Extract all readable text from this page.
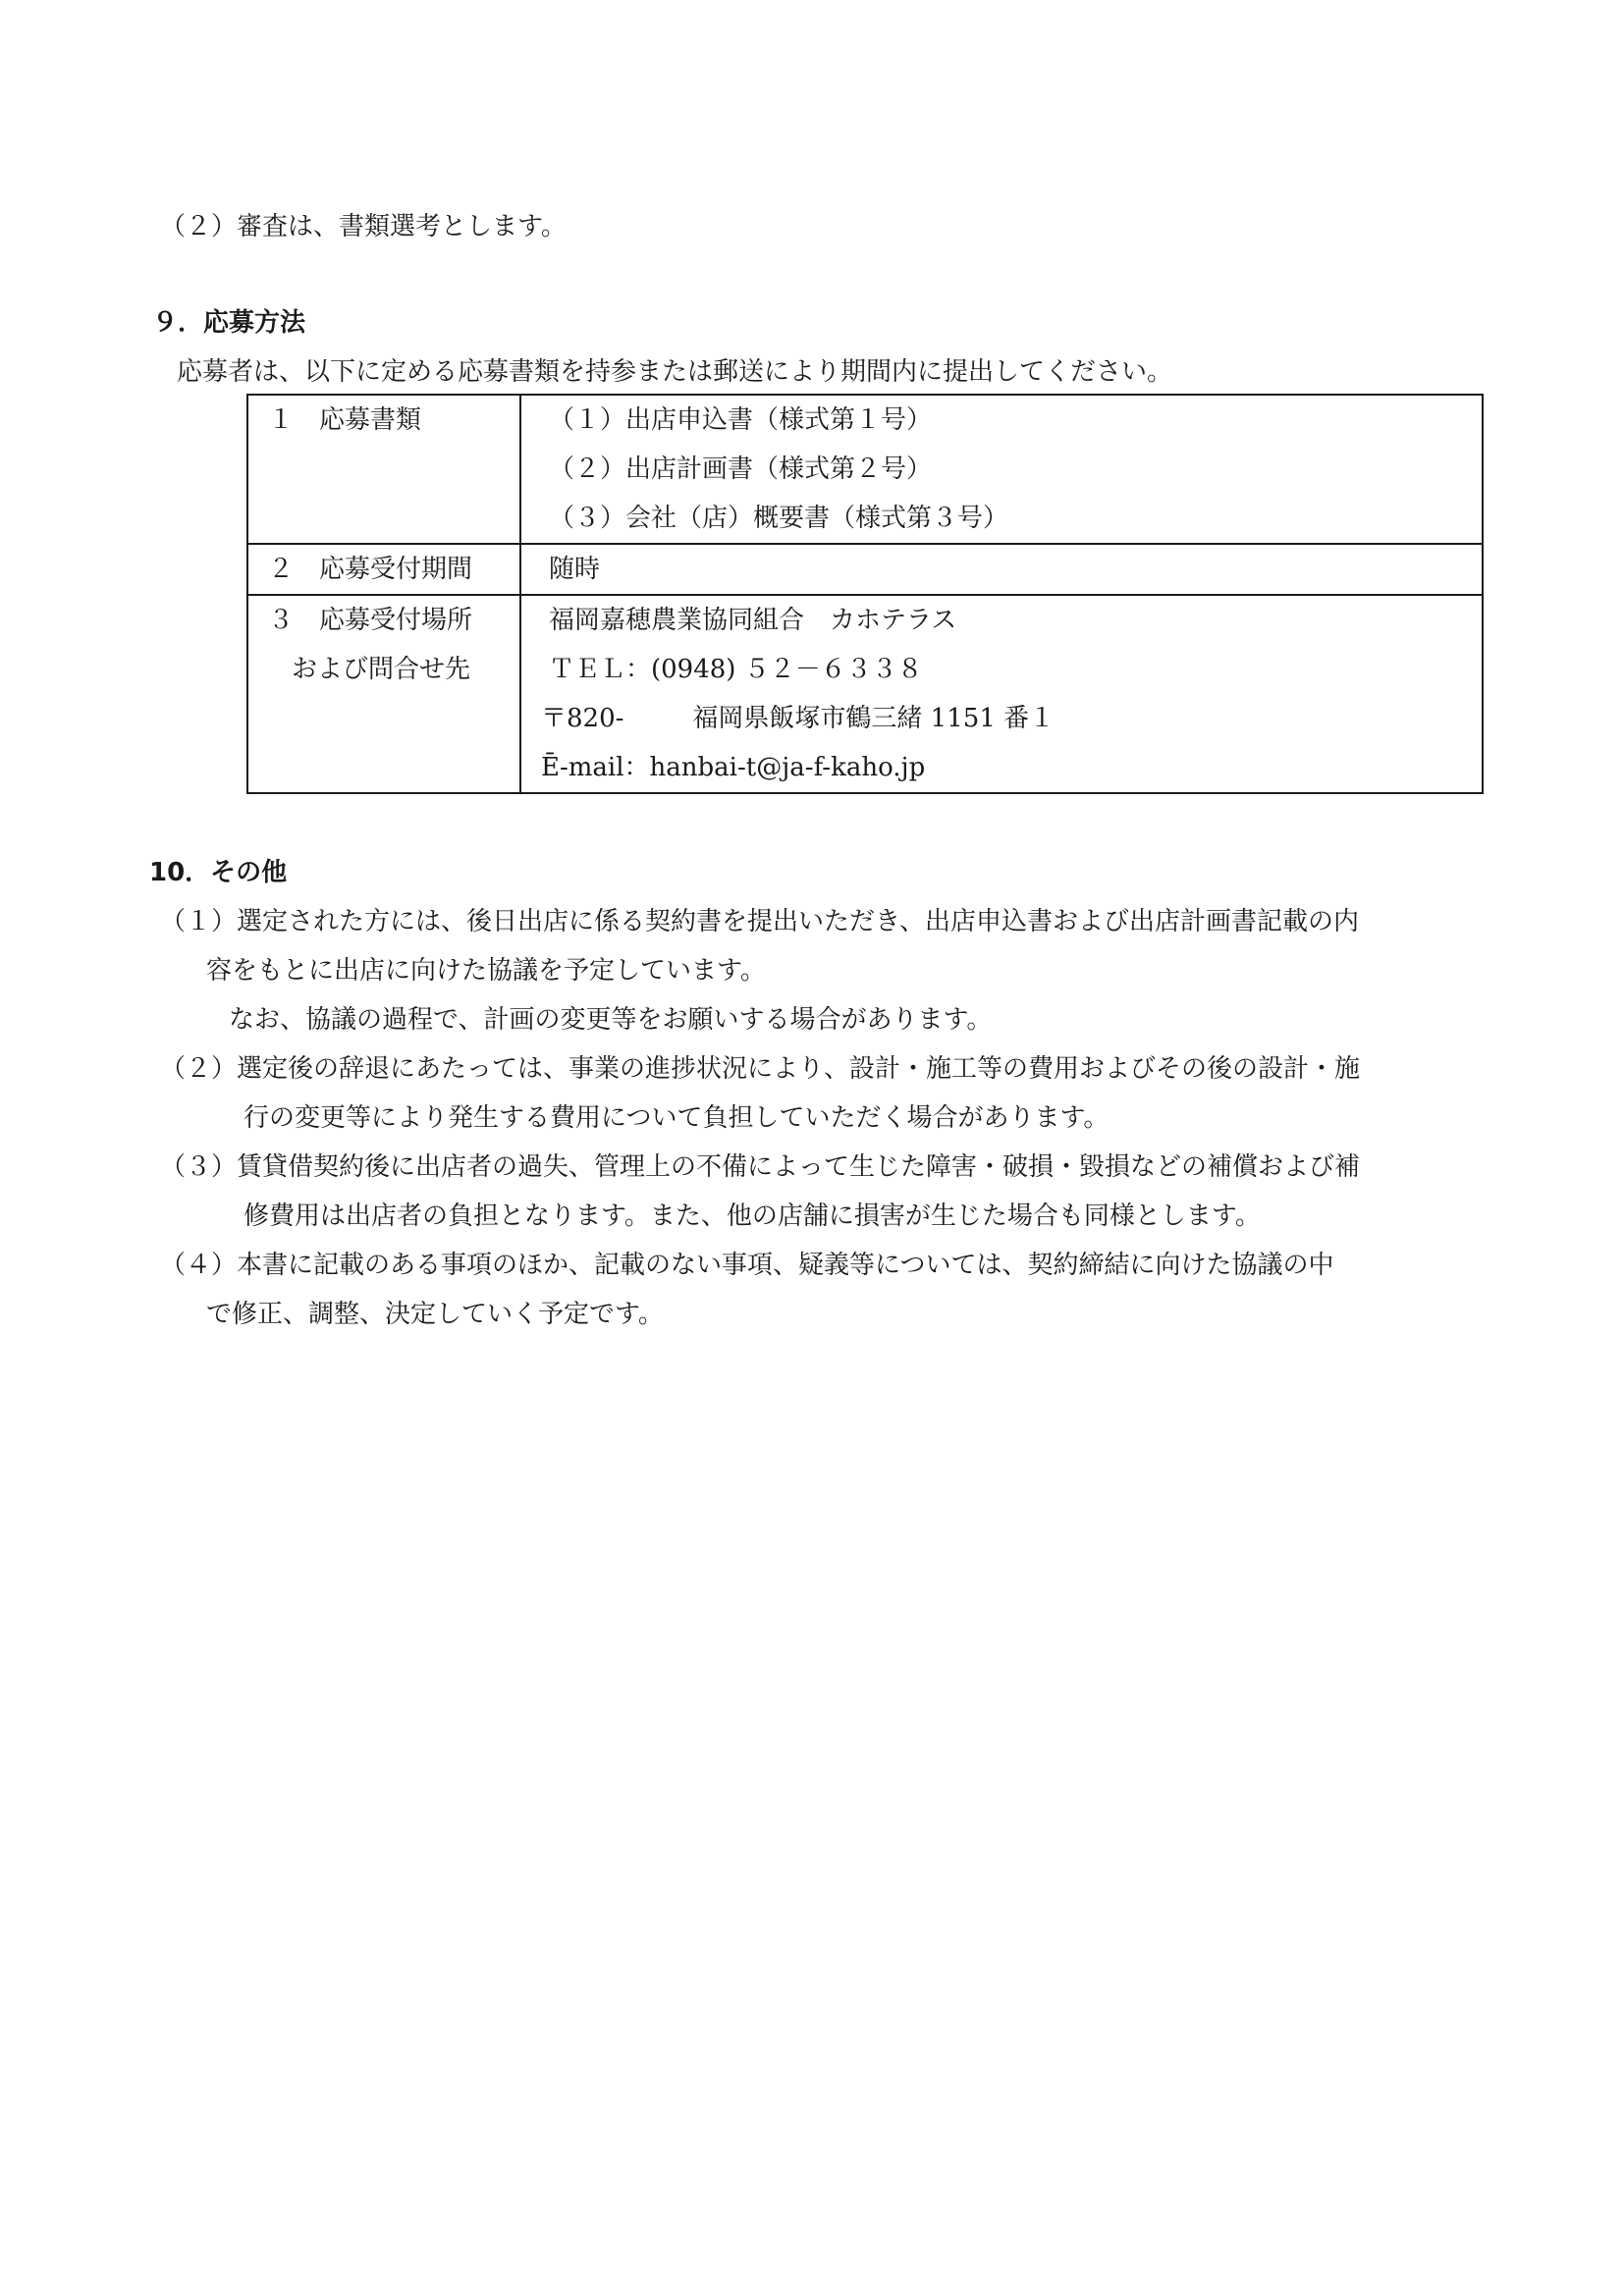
（２）審査は、書類選考とします。
９．応募方法
応募者は、以下に定める応募書類を持参または郵送により期間内に提出してください。
１　応募書類	（１）出店申込書（様式第１号）
（２）出店計画書（様式第２号）
（３）会社（店）概要書（様式第３号）

２　応募受付期間	随時

３　応募受付場所
および問合せ先	福岡嘉穂農業協同組合　カホテラス
ＴＥＬ：(0948) ５２－６３３８
〒820- 福岡県飯塚市鶴三緒 1151 番１
Ē-mail：hanbai-t@ja-f-kaho.jp
10．その他
（１）選定された方には、後日出店に係る契約書を提出いただき、出店申込書および出店計画書記載の内
容をもとに出店に向けた協議を予定しています。
なお、協議の過程で、計画の変更等をお願いする場合があります。
（２）選定後の辞退にあたっては、事業の進捗状況により、設計・施工等の費用およびその後の設計・施
行の変更等により発生する費用について負担していただく場合があります。
（３）賃貸借契約後に出店者の過失、管理上の不備によって生じた障害・破損・毀損などの補償および補
修費用は出店者の負担となります。また、他の店舗に損害が生じた場合も同様とします。
（４）本書に記載のある事項のほか、記載のない事項、疑義等については、契約締結に向けた協議の中
で修正、調整、決定していく予定です。
